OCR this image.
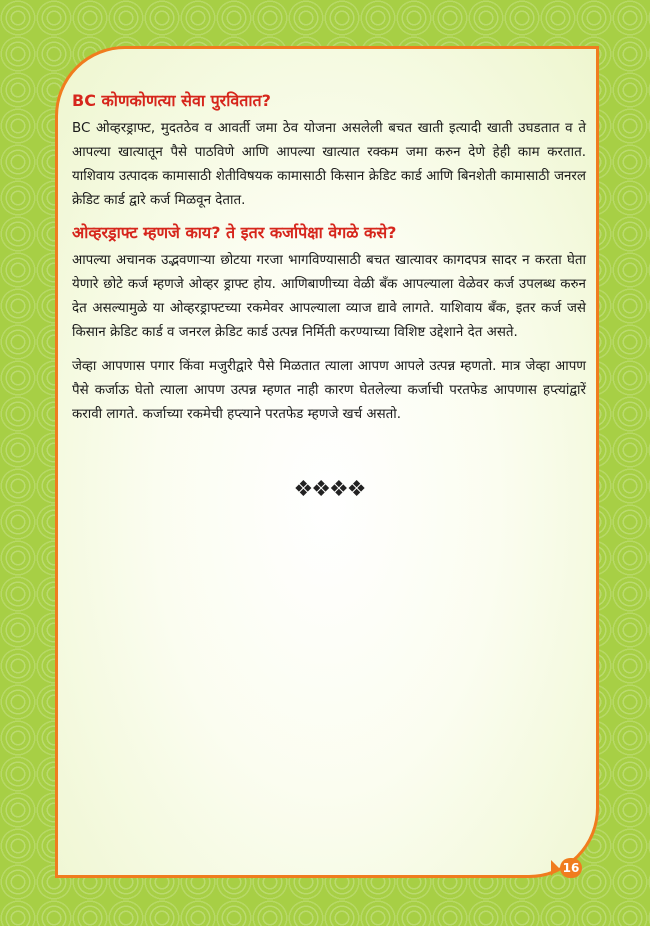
BC कोणकोणत्या सेवा पुरवितात?

BC ओव्हरड्राफ्ट, मुदतठेव व आवर्ती जमा ठेव योजना असलेली बचत खाती इत्यादी खाती उघडतात व ते आपल्या खात्यातून पैसे पाठविणे आणि आपल्या खात्यात रक्कम जमा करुन देणे हेही काम करतात. याशिवाय उत्पादक कामासाठी शेतीविषयक कामासाठी किसान क्रेडिट कार्ड आणि बिनशेती कामासाठी जनरल क्रेडिट कार्ड द्वारे कर्ज मिळवून देतात.

ओव्हरड्राफ्ट म्हणजे काय? ते इतर कर्जापेक्षा वेगळे कसे?

आपल्या अचानक उद्भवणाऱ्या छोटया गरजा भागविण्यासाठी बचत खात्यावर कागदपत्र सादर न करता घेता येणारे छोटे कर्ज म्हणजे ओव्हर ड्राफ्ट होय. आणिबाणीच्या वेळी बँक आपल्याला वेळेवर कर्ज उपलब्ध करुन देत असल्यामुळे या ओव्हरड्राफ्टच्या रकमेवर आपल्याला व्याज द्यावे लागते. याशिवाय बँक, इतर कर्ज जसे किसान क्रेडिट कार्ड व जनरल क्रेडिट कार्ड उत्पन्न निर्मिती करण्याच्या विशिष्ट उद्देशाने देत असते.

जेव्हा आपणास पगार किंवा मजुरीद्वारे पैसे मिळतात त्याला आपण आपले उत्पन्न म्हणतो. मात्र जेव्हा आपण पैसे कर्जाऊ घेतो त्याला आपण उत्पन्न म्हणत नाही कारण घेतलेल्या कर्जाची परतफेड आपणास हप्त्यांद्वारें करावी लागते. कर्जाच्या रकमेची हप्त्याने परतफेड म्हणजे खर्च असतो.

❖❖❖❖
16
